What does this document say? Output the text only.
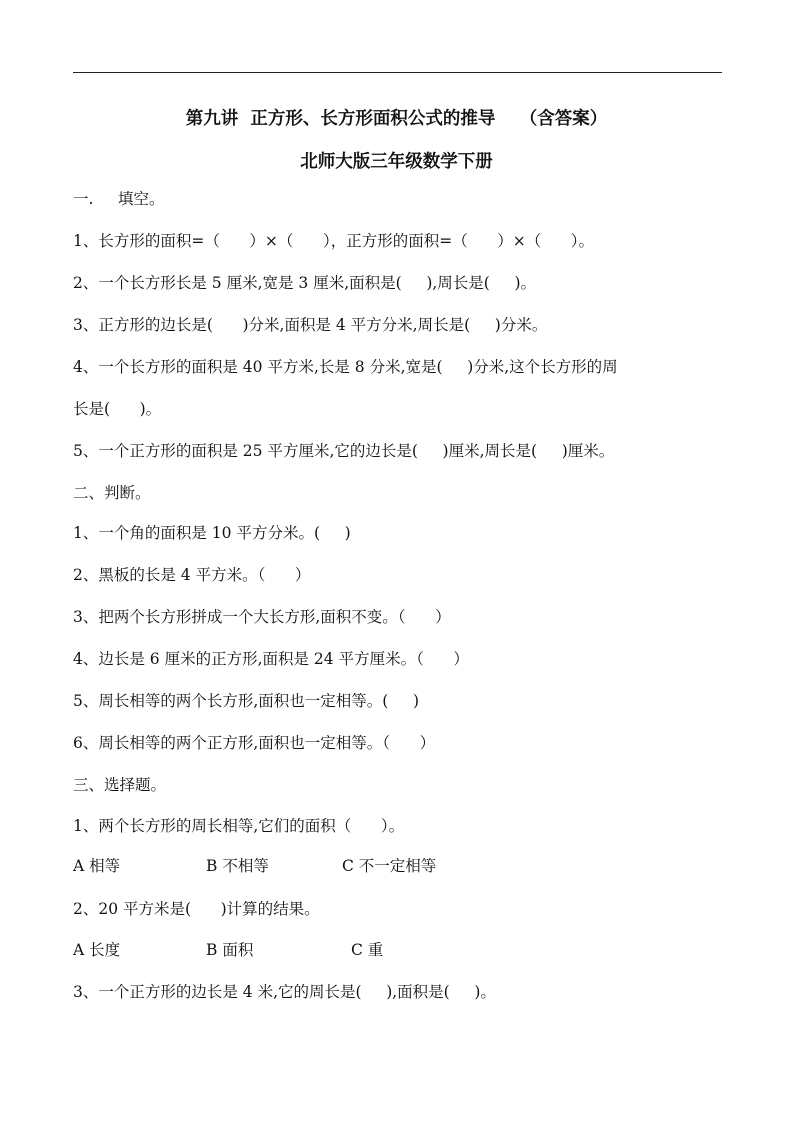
第九讲  正方形、长方形面积公式的推导    （含答案）
北师大版三年级数学下册
一.     填空。
1、长方形的面积=（      ）×（      ），正方形的面积=（      ）×（      ）。
2、一个长方形长是 5 厘米,宽是 3 厘米,面积是(     ),周长是(     )。
3、正方形的边长是(      )分米,面积是 4 平方分米,周长是(     )分米。
4、一个长方形的面积是 40 平方米,长是 8 分米,宽是(     )分米,这个长方形的周
长是(      )。
5、一个正方形的面积是 25 平方厘米,它的边长是(     )厘米,周长是(     )厘米。
二、判断。
1、一个角的面积是 10 平方分米。(     )
2、黑板的长是 4 平方米。（      ）
3、把两个长方形拼成一个大长方形,面积不变。（      ）
4、边长是 6 厘米的正方形,面积是 24 平方厘米。（      ）
5、周长相等的两个长方形,面积也一定相等。(     )
6、周长相等的两个正方形,面积也一定相等。（      ）
三、选择题。
1、两个长方形的周长相等,它们的面积（      ）。
A 相等	B 不相等	C 不一定相等
2、20 平方米是(      )计算的结果。
A 长度	B 面积	C 重
3、一个正方形的边长是 4 米,它的周长是(     ),面积是(     )。
